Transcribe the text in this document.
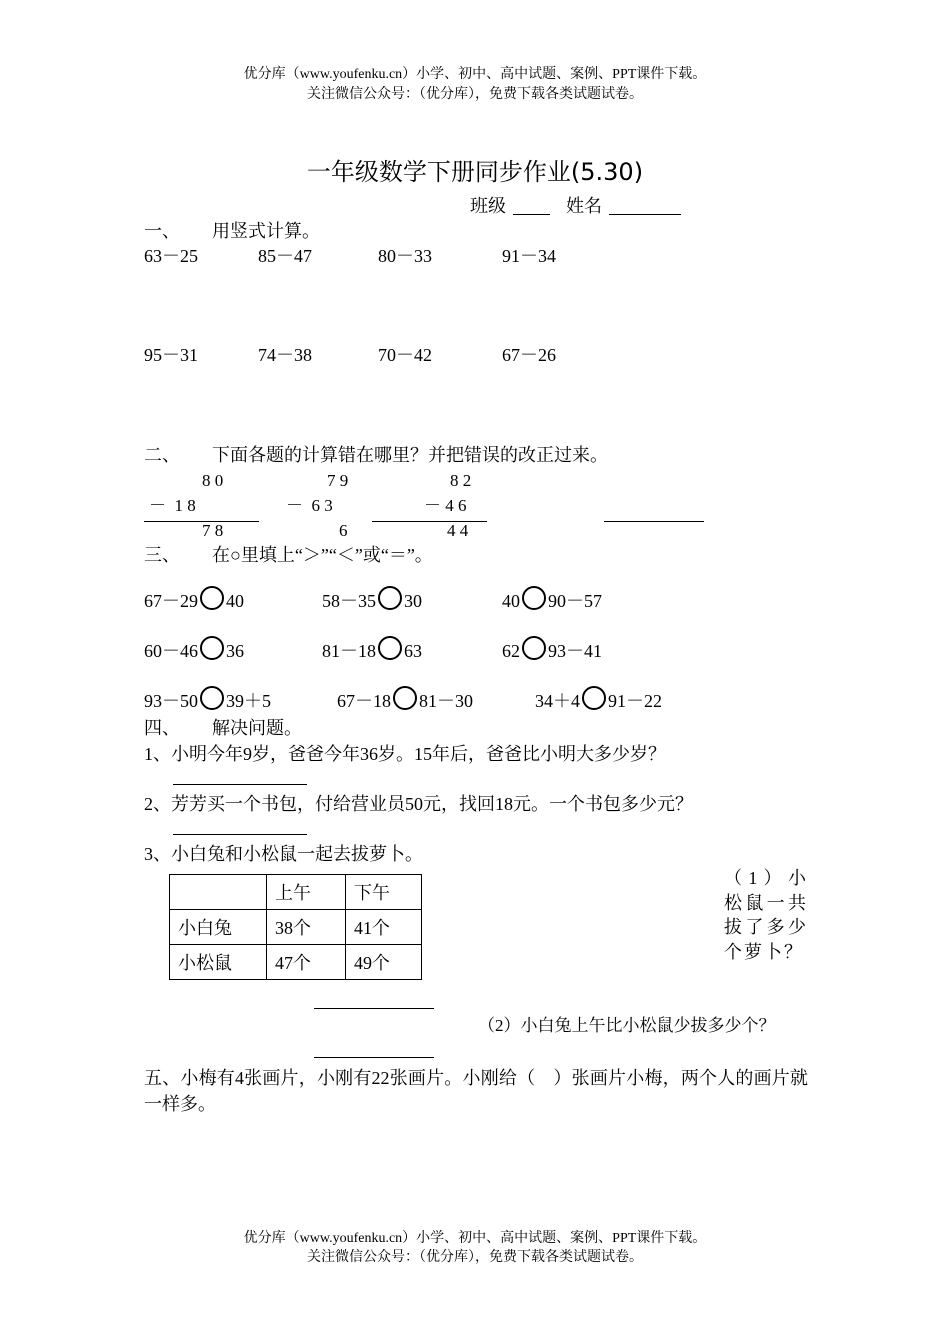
优分库（www.youfenku.cn）小学、初中、高中试题、案例、PPT课件下载。
关注微信公众号：（优分库），免费下载各类试题试卷。
一年级数学下册同步作业(5.30)
班级	姓名
一、 用竖式计算。
63－25	85－47	80－33	91－34
95－31	74－38	70－42	67－26
二、 下面各题的计算错在哪里？并把错误的改正过来。
8 0
－  1 8
7 8
7 9
－  6 3
6
8 2
－ 4 6
4 4
三、 在○里填上“＞”“＜”或“＝”。
67－29 40	58－35 30	40 90－57
60－46 36	81－18 63	62 93－41
93－50 39＋5	67－18 81－30	34＋4 91－22
四、 解决问题。
1、小明今年9岁，爸爸今年36岁。15年后，爸爸比小明大多少岁？
2、芳芳买一个书包，付给营业员50元，找回18元。一个书包多少元？
3、小白兔和小松鼠一起去拔萝卜。
	上午	下午
小白兔	38个	41个
小松鼠	47个	49个
（1）小松鼠一共拔了多少个萝卜？
（2）小白兔上午比小松鼠少拔多少个？
五、小梅有4张画片，小刚有22张画片。小刚给（　）张画片小梅，两个人的画片就一样多。
优分库（www.youfenku.cn）小学、初中、高中试题、案例、PPT课件下载。
关注微信公众号：（优分库），免费下载各类试题试卷。
